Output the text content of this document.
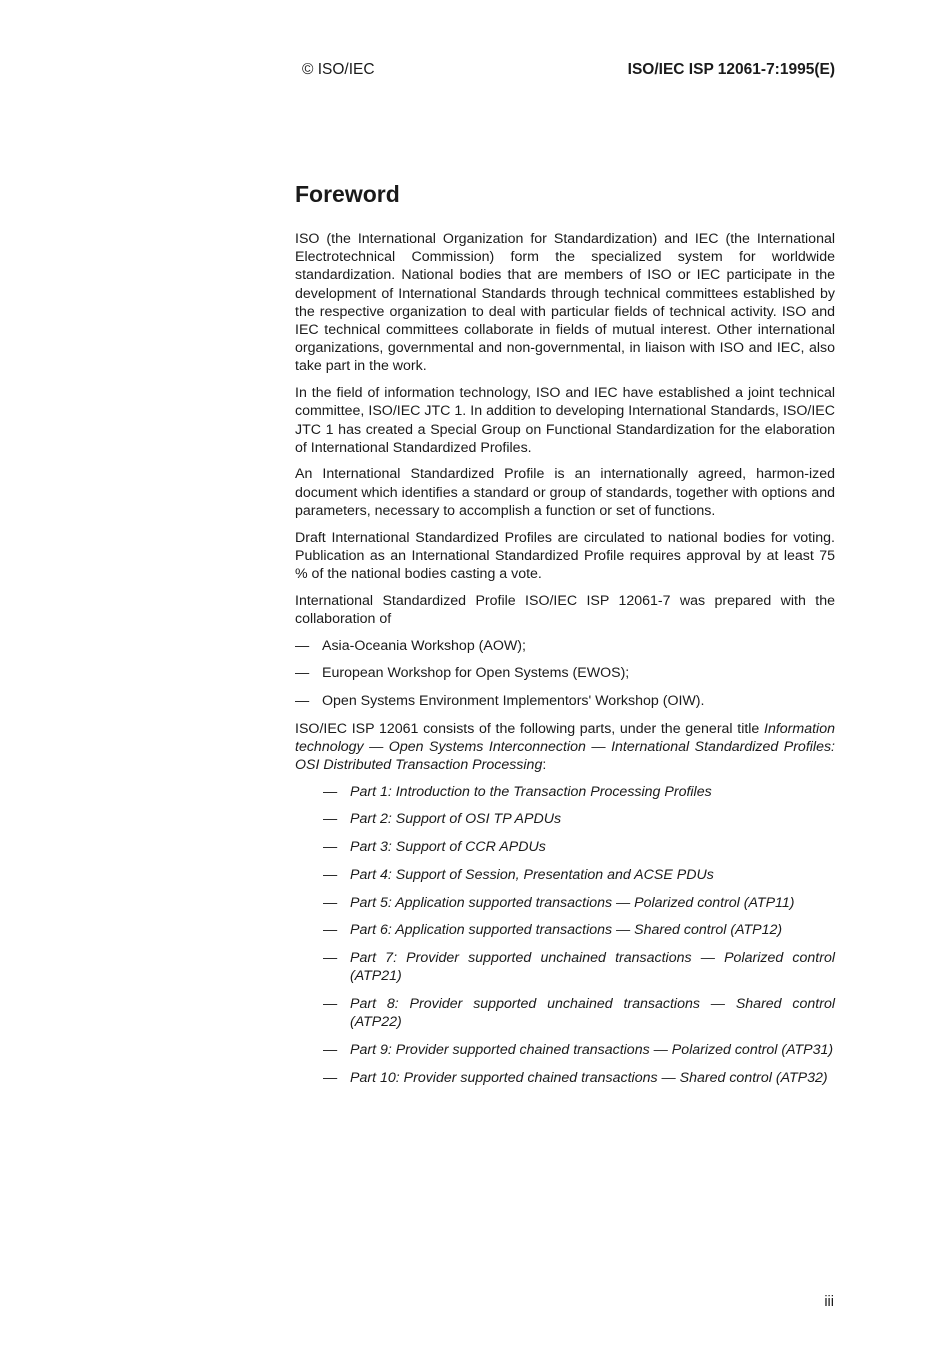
© ISO/IEC	ISO/IEC ISP 12061-7:1995(E)

Foreword

ISO (the International Organization for Standardization) and IEC (the International Electrotechnical Commission) form the specialized system for worldwide standardization. National bodies that are members of ISO or IEC participate in the development of International Standards through technical committees established by the respective organization to deal with particular fields of technical activity. ISO and IEC technical committees collaborate in fields of mutual interest. Other international organizations, governmental and non-governmental, in liaison with ISO and IEC, also take part in the work.

In the field of information technology, ISO and IEC have established a joint technical committee, ISO/IEC JTC 1. In addition to developing International Standards, ISO/IEC JTC 1 has created a Special Group on Functional Standardization for the elaboration of International Standardized Profiles.

An International Standardized Profile is an internationally agreed, harmon-ized document which identifies a standard or group of standards, together with options and parameters, necessary to accomplish a function or set of functions.

Draft International Standardized Profiles are circulated to national bodies for voting. Publication as an International Standardized Profile requires approval by at least 75 % of the national bodies casting a vote.

International Standardized Profile ISO/IEC ISP 12061-7 was prepared with the collaboration of

— Asia-Oceania Workshop (AOW);
— European Workshop for Open Systems (EWOS);
— Open Systems Environment Implementors' Workshop (OIW).

ISO/IEC ISP 12061 consists of the following parts, under the general title Information technology — Open Systems Interconnection — International Standardized Profiles: OSI Distributed Transaction Processing:

— Part 1: Introduction to the Transaction Processing Profiles
— Part 2: Support of OSI TP APDUs
— Part 3: Support of CCR APDUs
— Part 4: Support of Session, Presentation and ACSE PDUs
— Part 5: Application supported transactions — Polarized control (ATP11)
— Part 6: Application supported transactions — Shared control (ATP12)
— Part 7: Provider supported unchained transactions — Polarized control (ATP21)
— Part 8: Provider supported unchained transactions — Shared control (ATP22)
— Part 9: Provider supported chained transactions — Polarized control (ATP31)
— Part 10: Provider supported chained transactions — Shared control (ATP32)

iii
